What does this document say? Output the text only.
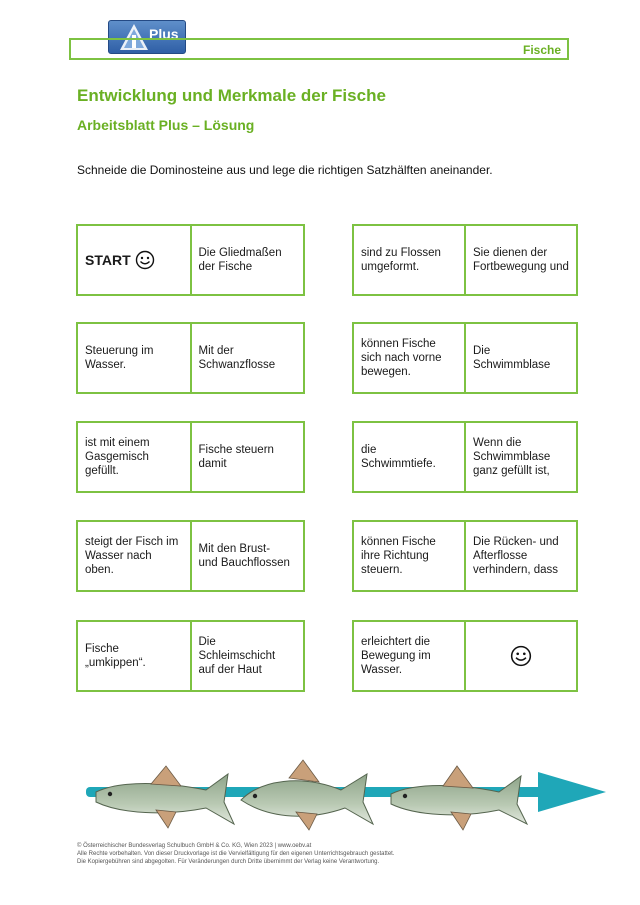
Plus
Fische
Entwicklung und Merkmale der Fische
Arbeitsblatt Plus – Lösung

Schneide die Dominosteine aus und lege die richtigen Satzhälften aneinander.

START
	Die Gliedmaßen
der Fische
sind zu Flossen
umgeformt.
Sie dienen der
Fortbewegung und
Steuerung im
Wasser.
Mit der
Schwanzflosse
können Fische
sich nach vorne
bewegen.
Die
Schwimmblase
ist mit einem
Gasgemisch
gefüllt.
Fische steuern
damit
die
Schwimmtiefe.
Wenn die
Schwimmblase
ganz gefüllt ist,
steigt der Fisch im
Wasser nach
oben.
Mit den Brust-
und Bauchflossen
können Fische
ihre Richtung
steuern.
Die Rücken- und
Afterflosse
verhindern, dass
Fische
„umkippen“.
Die
Schleimschicht
auf der Haut
erleichtert die
Bewegung im
Wasser.
© Österreichischer Bundesverlag Schulbuch GmbH & Co. KG, Wien 2023 | www.oebv.at
Alle Rechte vorbehalten. Von dieser Druckvorlage ist die Vervielfältigung für den eigenen Unterrichtsgebrauch gestattet.
Die Kopiergebühren sind abgegolten. Für Veränderungen durch Dritte übernimmt der Verlag keine Verantwortung.
